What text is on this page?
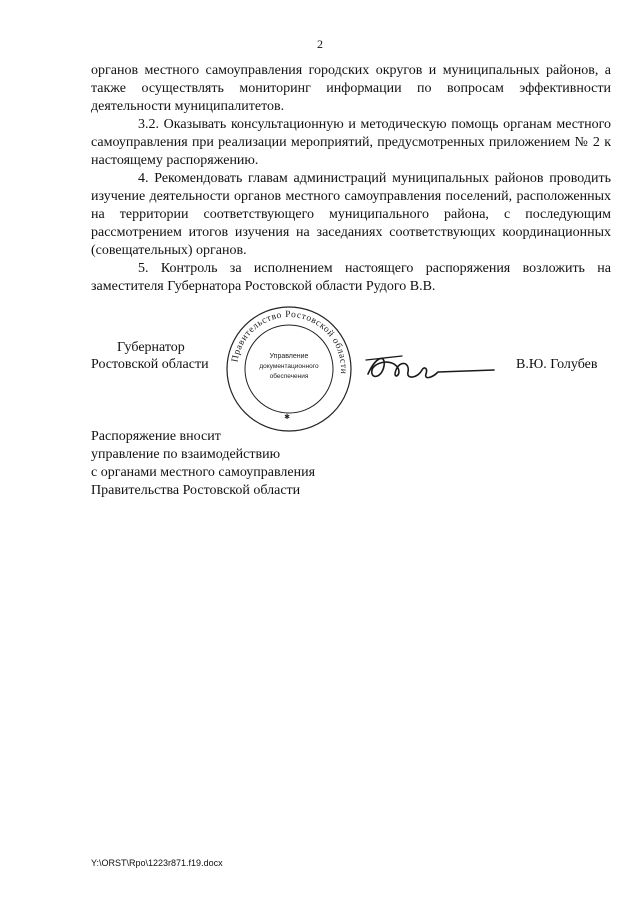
2

органов местного самоуправления городских округов и муниципальных районов, а также осуществлять мониторинг информации по вопросам эффективности деятельности муниципалитетов.

3.2. Оказывать консультационную и методическую помощь органам местного самоуправления при реализации мероприятий, предусмотренных приложением № 2 к настоящему распоряжению.

4. Рекомендовать главам администраций муниципальных районов проводить изучение деятельности органов местного самоуправления поселений, расположенных на территории соответствующего муниципального района, с последующим рассмотрением итогов изучения на заседаниях соответствующих координационных (совещательных) органов.

5. Контроль за исполнением настоящего распоряжения возложить на заместителя Губернатора Ростовской области Рудого В.В.

Губернатор
Ростовской области Правительство Ростовской области
Управление
документационного
обеспечения
✱
В.Ю. Голубев
Распоряжение вносит
управление по взаимодействию
с органами местного самоуправления
Правительства Ростовской области
Y:\ORST\Rpo\1223r871.f19.docx
